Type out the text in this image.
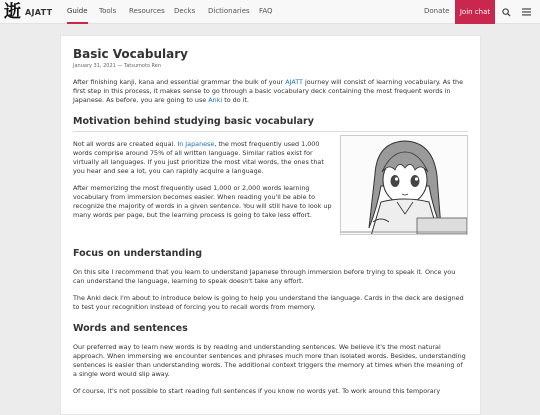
逝 AJATT Guide Tools Resources Decks Dictionaries FAQ	Donate	Join chat
Basic Vocabulary
January 31, 2021 — Tatsumoto Ren

After finishing kanji, kana and essential grammar the bulk of your AJATT journey will consist of learning vocabulary. As the first step in this process, it makes sense to go through a basic vocabulary deck containing the most frequent words in Japanese. As before, you are going to use Anki to do it.

Motivation behind studying basic vocabulary

Not all words are created equal. In Japanese, the most frequently used 1,000 words comprise around 75% of all written language. Similar ratios exist for virtually all languages. If you just prioritize the most vital words, the ones that you hear and see a lot, you can rapidly acquire a language.

After memorizing the most frequently used 1,000 or 2,000 words learning vocabulary from immersion becomes easier. When reading you'll be able to recognize the majority of words in a given sentence. You will still have to look up many words per page, but the learning process is going to take less effort.

Focus on understanding

On this site I recommend that you learn to understand Japanese through immersion before trying to speak it. Once you can understand the language, learning to speak doesn't take any effort.

The Anki deck I'm about to introduce below is going to help you understand the language. Cards in the deck are designed to test your recognition instead of forcing you to recall words from memory.

Words and sentences

Our preferred way to learn new words is by reading and understanding sentences. We believe it's the most natural approach. When immersing we encounter sentences and phrases much more than isolated words. Besides, understanding sentences is easier than understanding words. The additional context triggers the memory at times when the meaning of a single word would slip away.

Of course, it's not possible to start reading full sentences if you know no words yet. To work around this temporary
